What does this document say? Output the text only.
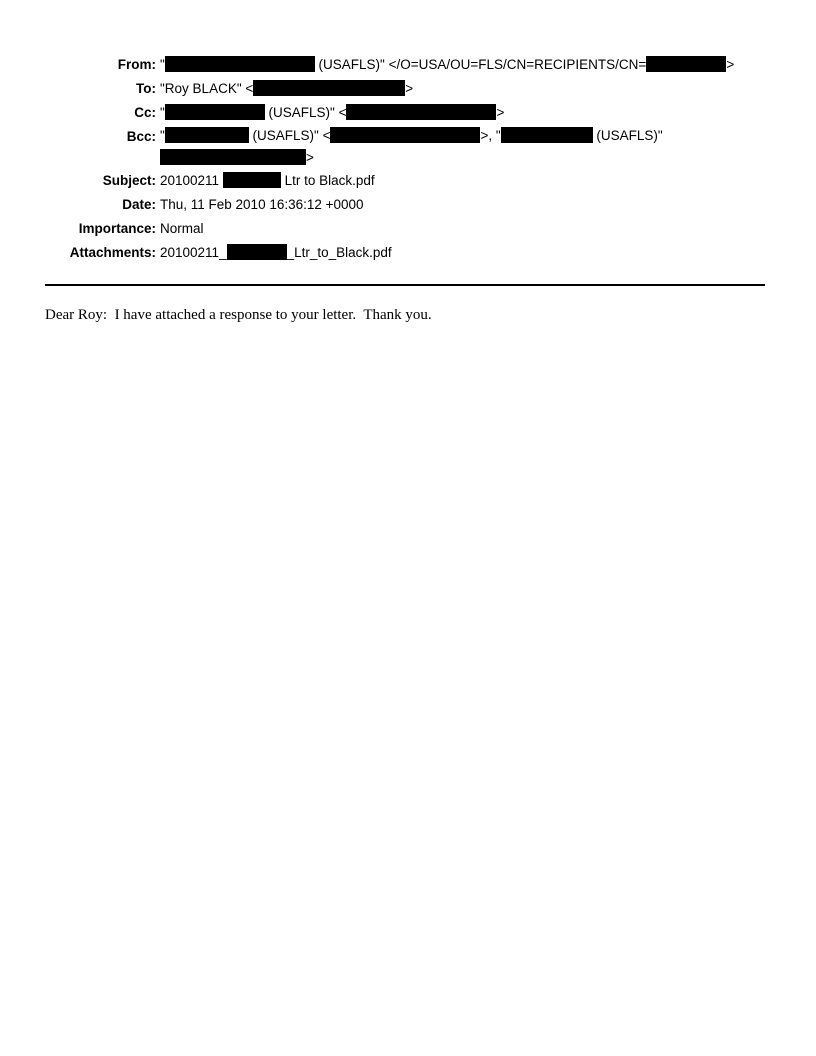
From: "	(USAFLS)" </O=USA/OU=FLS/CN=RECIPIENTS/CN=	>
To: "Roy BLACK" <	>
Cc: "	(USAFLS)" <	>
Bcc: "	(USAFLS)" <	>, "	(USAFLS)"
>
Subject: 20100211	Ltr to Black.pdf
Date: Thu, 11 Feb 2010 16:36:12 +0000
Importance: Normal
Attachments: 20100211_	_Ltr_to_Black.pdf
Dear Roy:  I have attached a response to your letter.  Thank you.
